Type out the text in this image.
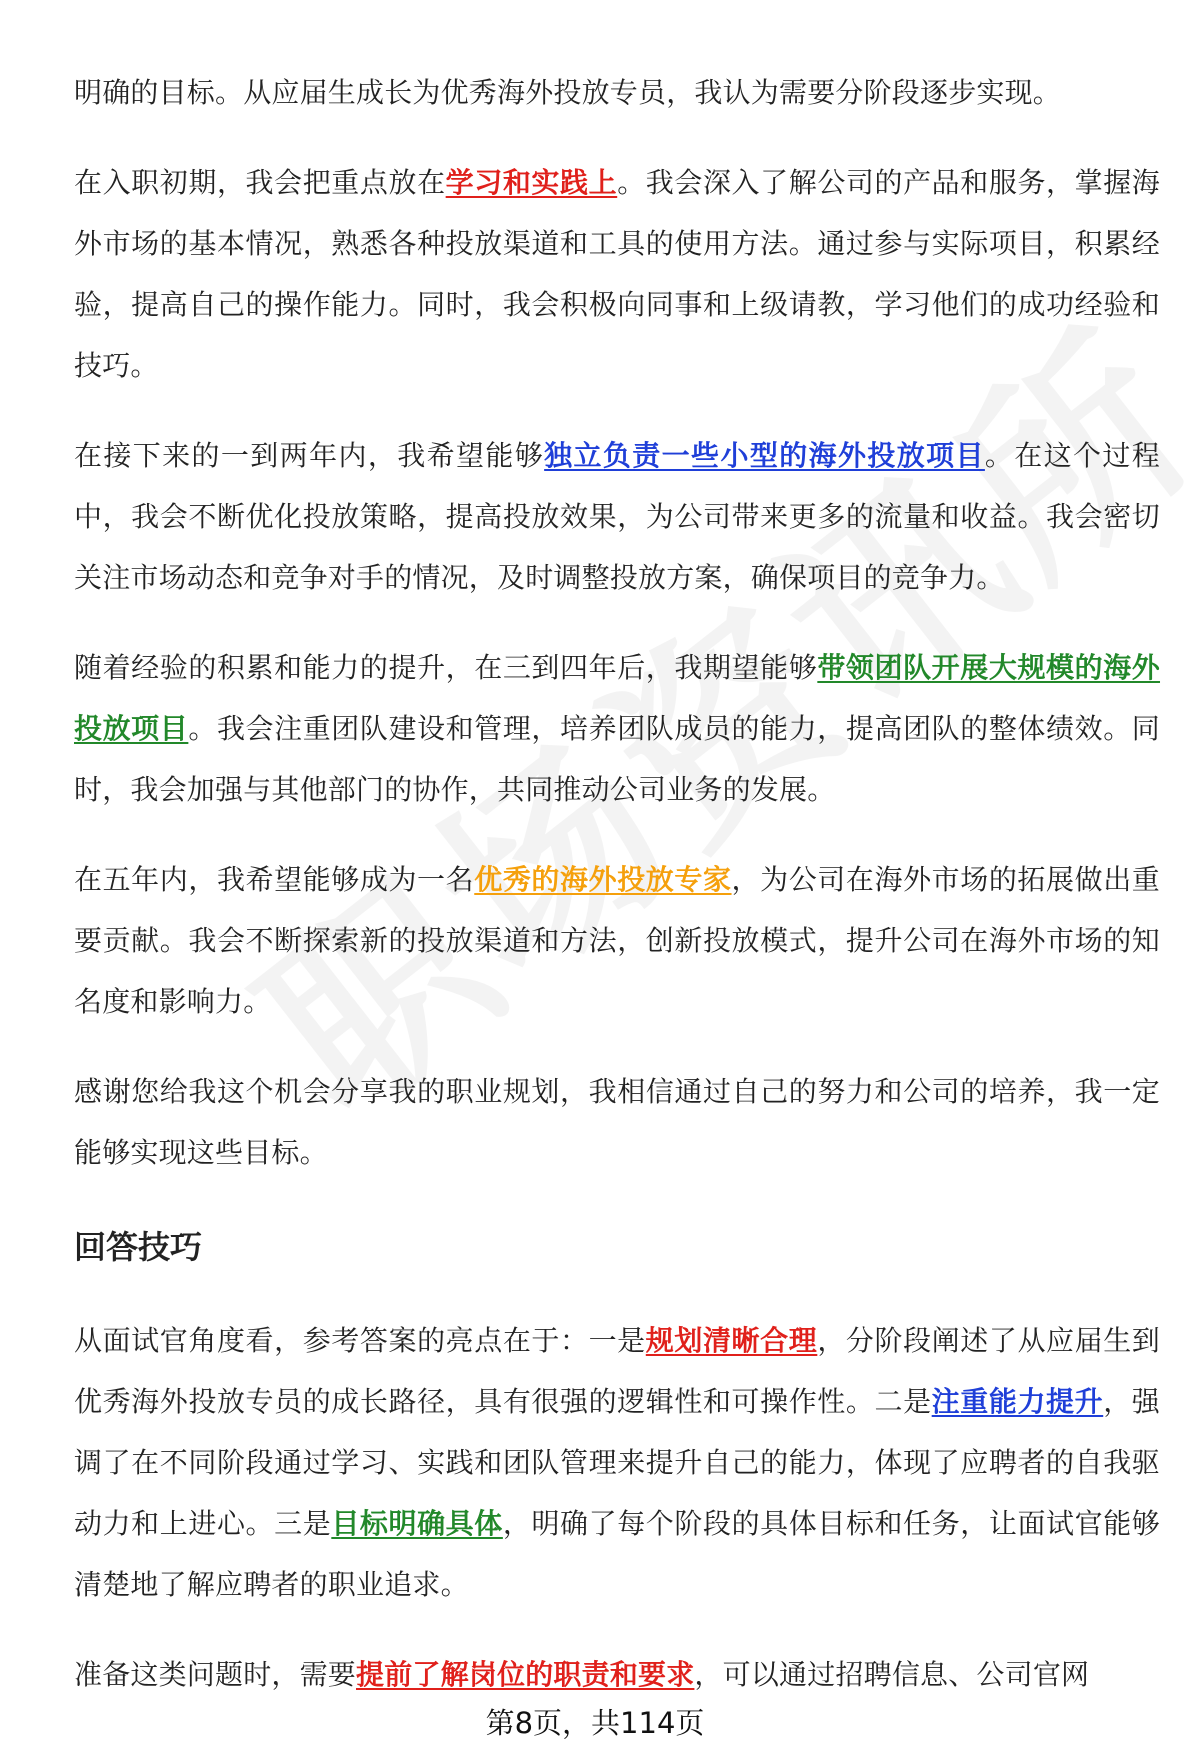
明确的目标。从应届生成长为优秀海外投放专员，我认为需要分阶段逐步实现。

在入职初期，我会把重点放在学习和实践上。我会深入了解公司的产品和服务，掌握海外市场的基本情况，熟悉各种投放渠道和工具的使用方法。通过参与实际项目，积累经验，提高自己的操作能力。同时，我会积极向同事和上级请教，学习他们的成功经验和技巧。

在接下来的一到两年内，我希望能够独立负责一些小型的海外投放项目。在这个过程中，我会不断优化投放策略，提高投放效果，为公司带来更多的流量和收益。我会密切关注市场动态和竞争对手的情况，及时调整投放方案，确保项目的竞争力。

随着经验的积累和能力的提升，在三到四年后，我期望能够带领团队开展大规模的海外投放项目。我会注重团队建设和管理，培养团队成员的能力，提高团队的整体绩效。同时，我会加强与其他部门的协作，共同推动公司业务的发展。

在五年内，我希望能够成为一名优秀的海外投放专家，为公司在海外市场的拓展做出重要贡献。我会不断探索新的投放渠道和方法，创新投放模式，提升公司在海外市场的知名度和影响力。

感谢您给我这个机会分享我的职业规划，我相信通过自己的努力和公司的培养，我一定能够实现这些目标。

回答技巧

从面试官角度看，参考答案的亮点在于：一是规划清晰合理，分阶段阐述了从应届生到优秀海外投放专员的成长路径，具有很强的逻辑性和可操作性。二是注重能力提升，强调了在不同阶段通过学习、实践和团队管理来提升自己的能力，体现了应聘者的自我驱动力和上进心。三是目标明确具体，明确了每个阶段的具体目标和任务，让面试官能够清楚地了解应聘者的职业追求。

准备这类问题时，需要提前了解岗位的职责和要求，可以通过招聘信息、公司官网

第8页，共114页
